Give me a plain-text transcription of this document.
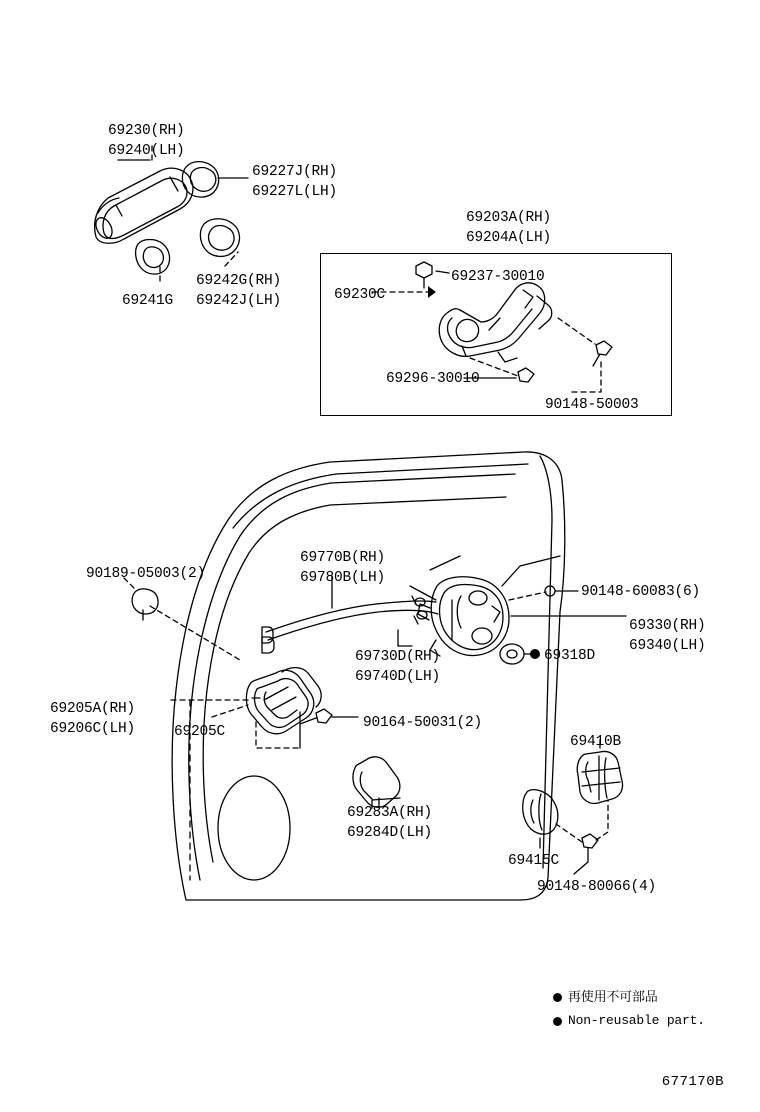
69230(RH)
69240(LH)
69227J(RH)
69227L(LH)
69203A(RH)
69204A(LH)
69237-30010
69230C
69242G(RH)
69242J(LH)
69241G
69296-30010
90148-50003
69770B(RH)
69780B(LH)
90189-05003(2)
90148-60083(6)
69330(RH)
69340(LH)
69730D(RH)
69740D(LH)
69318D
69205A(RH)
69206C(LH)	69205C
90164-50031(2)
69410B
69283A(RH)
69284D(LH)
69415C
90148-80066(4)
再使用不可部品
Non-reusable part.
677170B
